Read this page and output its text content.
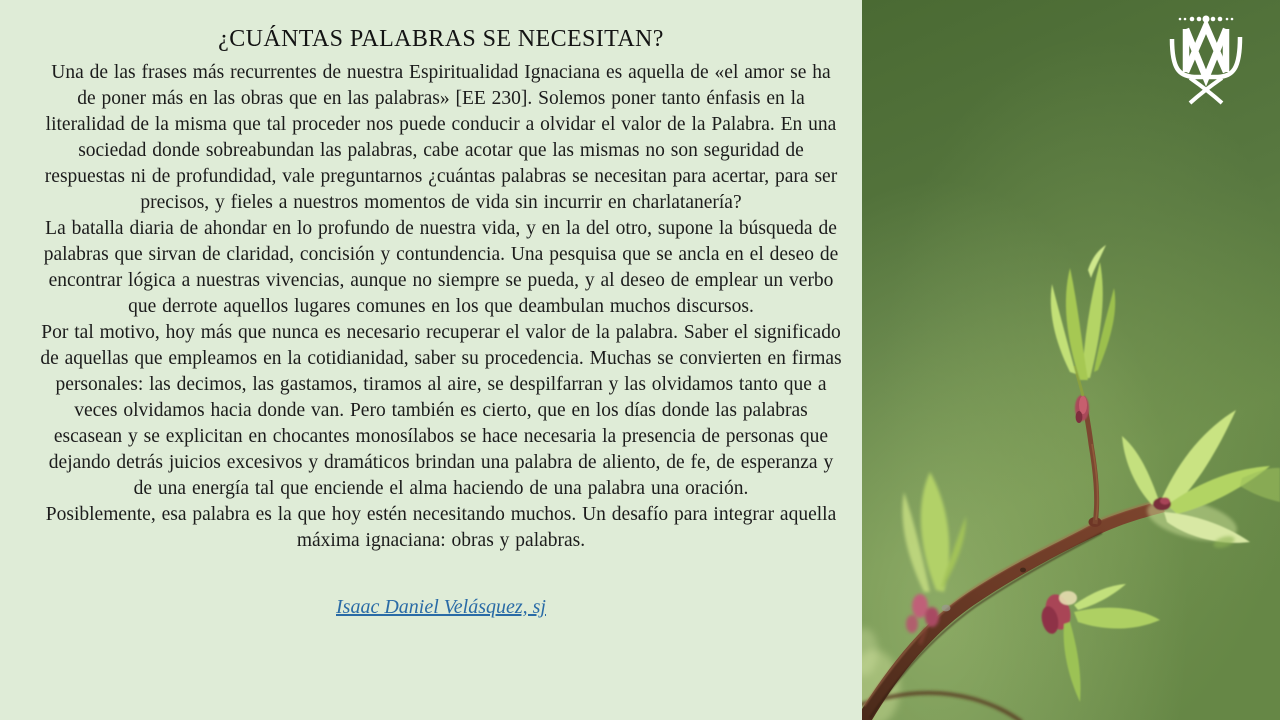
¿CUÁNTAS PALABRAS SE NECESITAN?

Una de las frases más recurrentes de nuestra Espiritualidad Ignaciana es aquella de «el amor se ha de poner más en las obras que en las palabras» [EE 230]. Solemos poner tanto énfasis en la literalidad de la misma que tal proceder nos puede conducir a olvidar el valor de la Palabra. En una sociedad donde sobreabundan las palabras, cabe acotar que las mismas no son seguridad de respuestas ni de profundidad, vale preguntarnos ¿cuántas palabras se necesitan para acertar, para ser precisos, y fieles a nuestros momentos de vida sin incurrir en charlatanería?

La batalla diaria de ahondar en lo profundo de nuestra vida, y en la del otro, supone la búsqueda de palabras que sirvan de claridad, concisión y contundencia. Una pesquisa que se ancla en el deseo de encontrar lógica a nuestras vivencias, aunque no siempre se pueda, y al deseo de emplear un verbo que derrote aquellos lugares comunes en los que deambulan muchos discursos.

Por tal motivo, hoy más que nunca es necesario recuperar el valor de la palabra. Saber el significado de aquellas que empleamos en la cotidianidad, saber su procedencia. Muchas se convierten en firmas personales: las decimos, las gastamos, tiramos al aire, se despilfarran y las olvidamos tanto que a veces olvidamos hacia donde van. Pero también es cierto, que en los días donde las palabras escasean y se explicitan en chocantes monosílabos se hace necesaria la presencia de personas que dejando detrás juicios excesivos y dramáticos brindan una palabra de aliento, de fe, de esperanza y de una energía tal que enciende el alma haciendo de una palabra una oración.

Posiblemente, esa palabra es la que hoy estén necesitando muchos. Un desafío para integrar aquella máxima ignaciana: obras y palabras.

Isaac Daniel Velásquez, sj
